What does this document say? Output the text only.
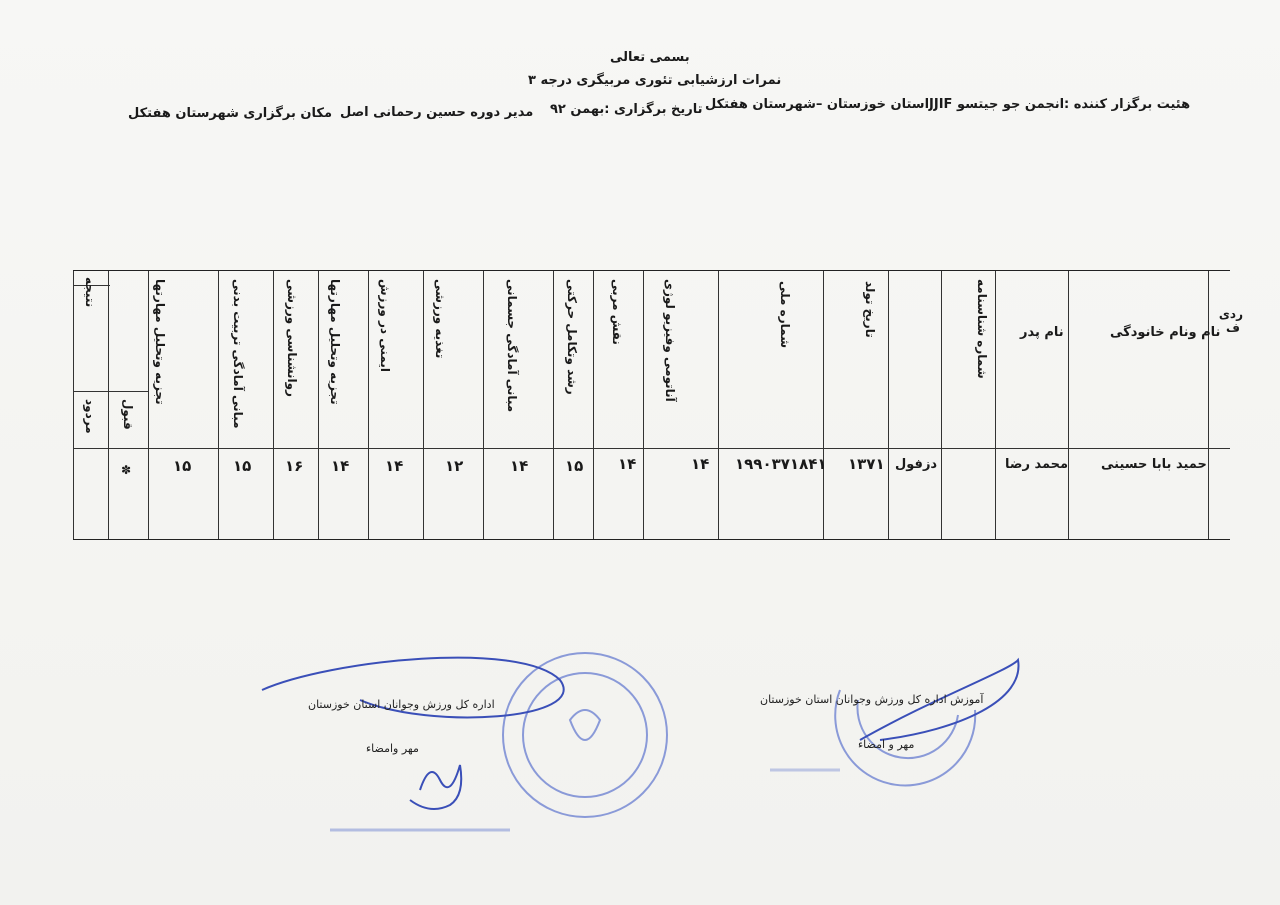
بسمی تعالی
نمرات ارزشیابی تئوری مربیگری درجه ۳
هئیت برگزار کننده :انجمن جو جیتسو JJIFاستان خوزستان –شهرستان هفتکل
تاریخ برگزاری :بهمن ۹۲
مدیر دوره حسین رحمانی اصل
مکان برگزاری شهرستان هفتکل
ردی ف
نام ونام خانودگی
نام پدر
شماره شناسنامه
تاریخ تولد
شماره ملی
آناتومی وفیزیو لوژی
نقش مربی
رشد وتکامل حرکتی
مبانی آمادگی جسمانی
تغذیه ورزشی
ایمنی در ورزش
تجزیه وتحلیل مهارتها
روانشناسی ورزشی
مبانی آمادگی تربیت بدنی
تجزیه وتحلیل مهارتها
نتیجه
قبول
مردود
حمید بابا حسینی
محمد رضا
دزفول
۱۳۷۱
۱۹۹۰۳۷۱۸۴۱
۱۴
۱۴
۱۵
۱۴
۱۲
۱۴
۱۴
۱۶
۱۵
۱۵
✽
اداره کل ورزش وجوانان استان خوزستان
مهر وامضاء
آموزش اداره کل ورزش وجوانان استان خوزستان
مهر و امضاء
